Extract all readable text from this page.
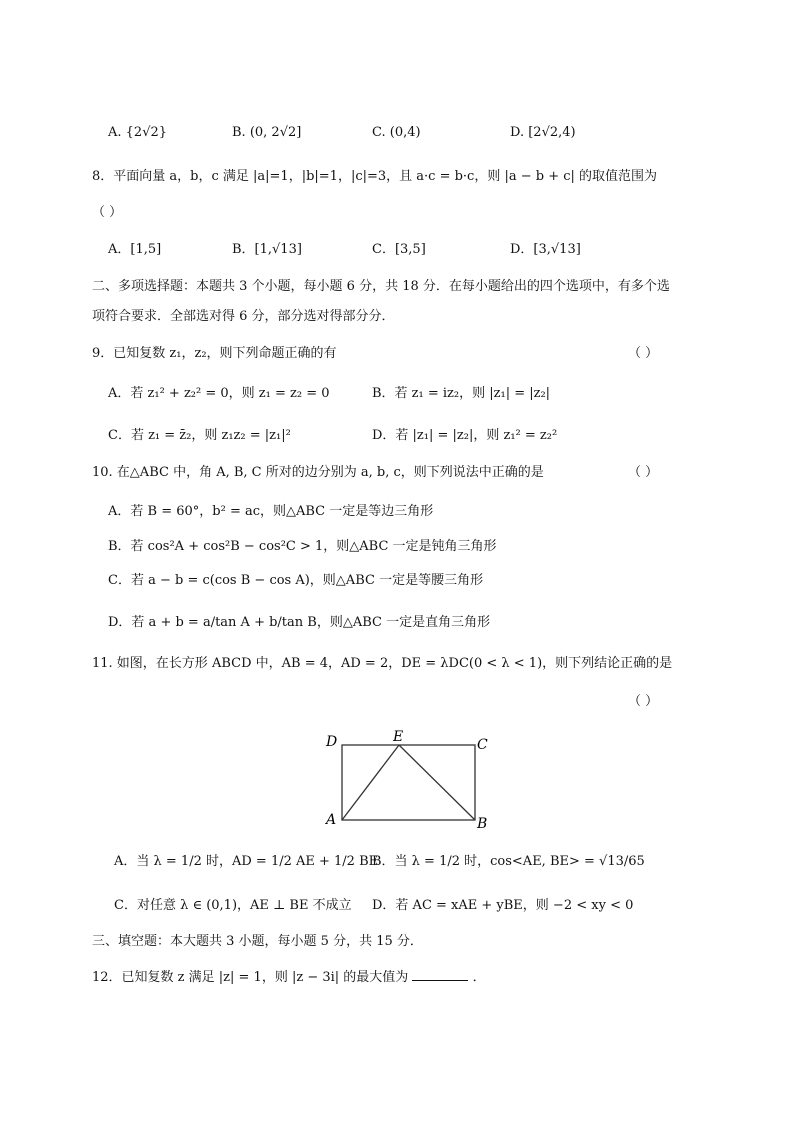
A. {2√2}	B. (0, 2√2]	C. (0,4)	D. [2√2,4)
8．平面向量 a，b，c 满足 |a|=1，|b|=1，|c|=3，且 a·c = b·c，则 |a − b + c| 的取值范围为
（ ）
A．[1,5]	B．[1,√13]	C．[3,5]	D．[3,√13]
二、多项选择题：本题共 3 个小题，每小题 6 分，共 18 分．在每小题给出的四个选项中，有多个选
项符合要求．全部选对得 6 分，部分选对得部分分．
9．已知复数 z₁，z₂，则下列命题正确的有	（ ）
A．若 z₁² + z₂² = 0，则 z₁ = z₂ = 0	B．若 z₁ = iz₂，则 |z₁| = |z₂|
C．若 z₁ = z̄₂，则 z₁z₂ = |z₁|²	D．若 |z₁| = |z₂|，则 z₁² = z₂²
10. 在△ABC 中，角 A, B, C 所对的边分别为 a, b, c，则下列说法中正确的是	（ ）
A．若 B = 60°，b² = ac，则△ABC 一定是等边三角形
B．若 cos²A + cos²B − cos²C > 1，则△ABC 一定是钝角三角形
C．若 a − b = c(cos B − cos A)，则△ABC 一定是等腰三角形
D．若 a + b = a/tan A + b/tan B，则△ABC 一定是直角三角形
11. 如图，在长方形 ABCD 中，AB = 4，AD = 2，DE = λDC(0 < λ < 1)，则下列结论正确的是
（ ）
D	E	C
A	B
A．当 λ = 1/2 时，AD = 1/2 AE + 1/2 BE
B．当 λ = 1/2 时，cos<AE, BE> = √13/65
C．对任意 λ ∈ (0,1)，AE ⊥ BE 不成立 D．若 AC = xAE + yBE，则 −2 < xy < 0
三、填空题：本大题共 3 小题，每小题 5 分，共 15 分．
12．已知复数 z 满足 |z| = 1，则 |z − 3i| 的最大值为	．
